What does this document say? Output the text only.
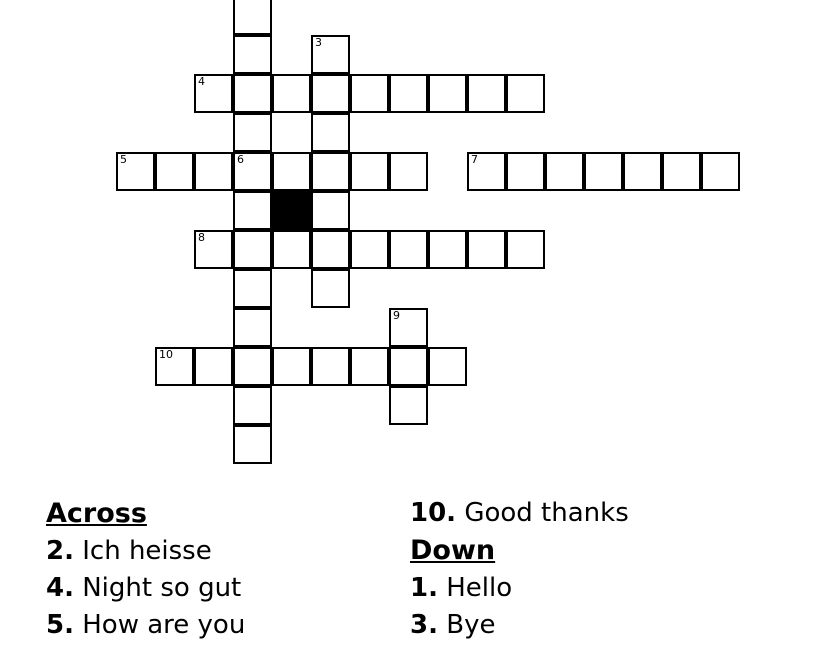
3
4
5	6	7
8
9
10
Across
2. Ich heisse
4. Night so gut
5. How are you
10. Good thanks
Down
1. Hello
3. Bye
